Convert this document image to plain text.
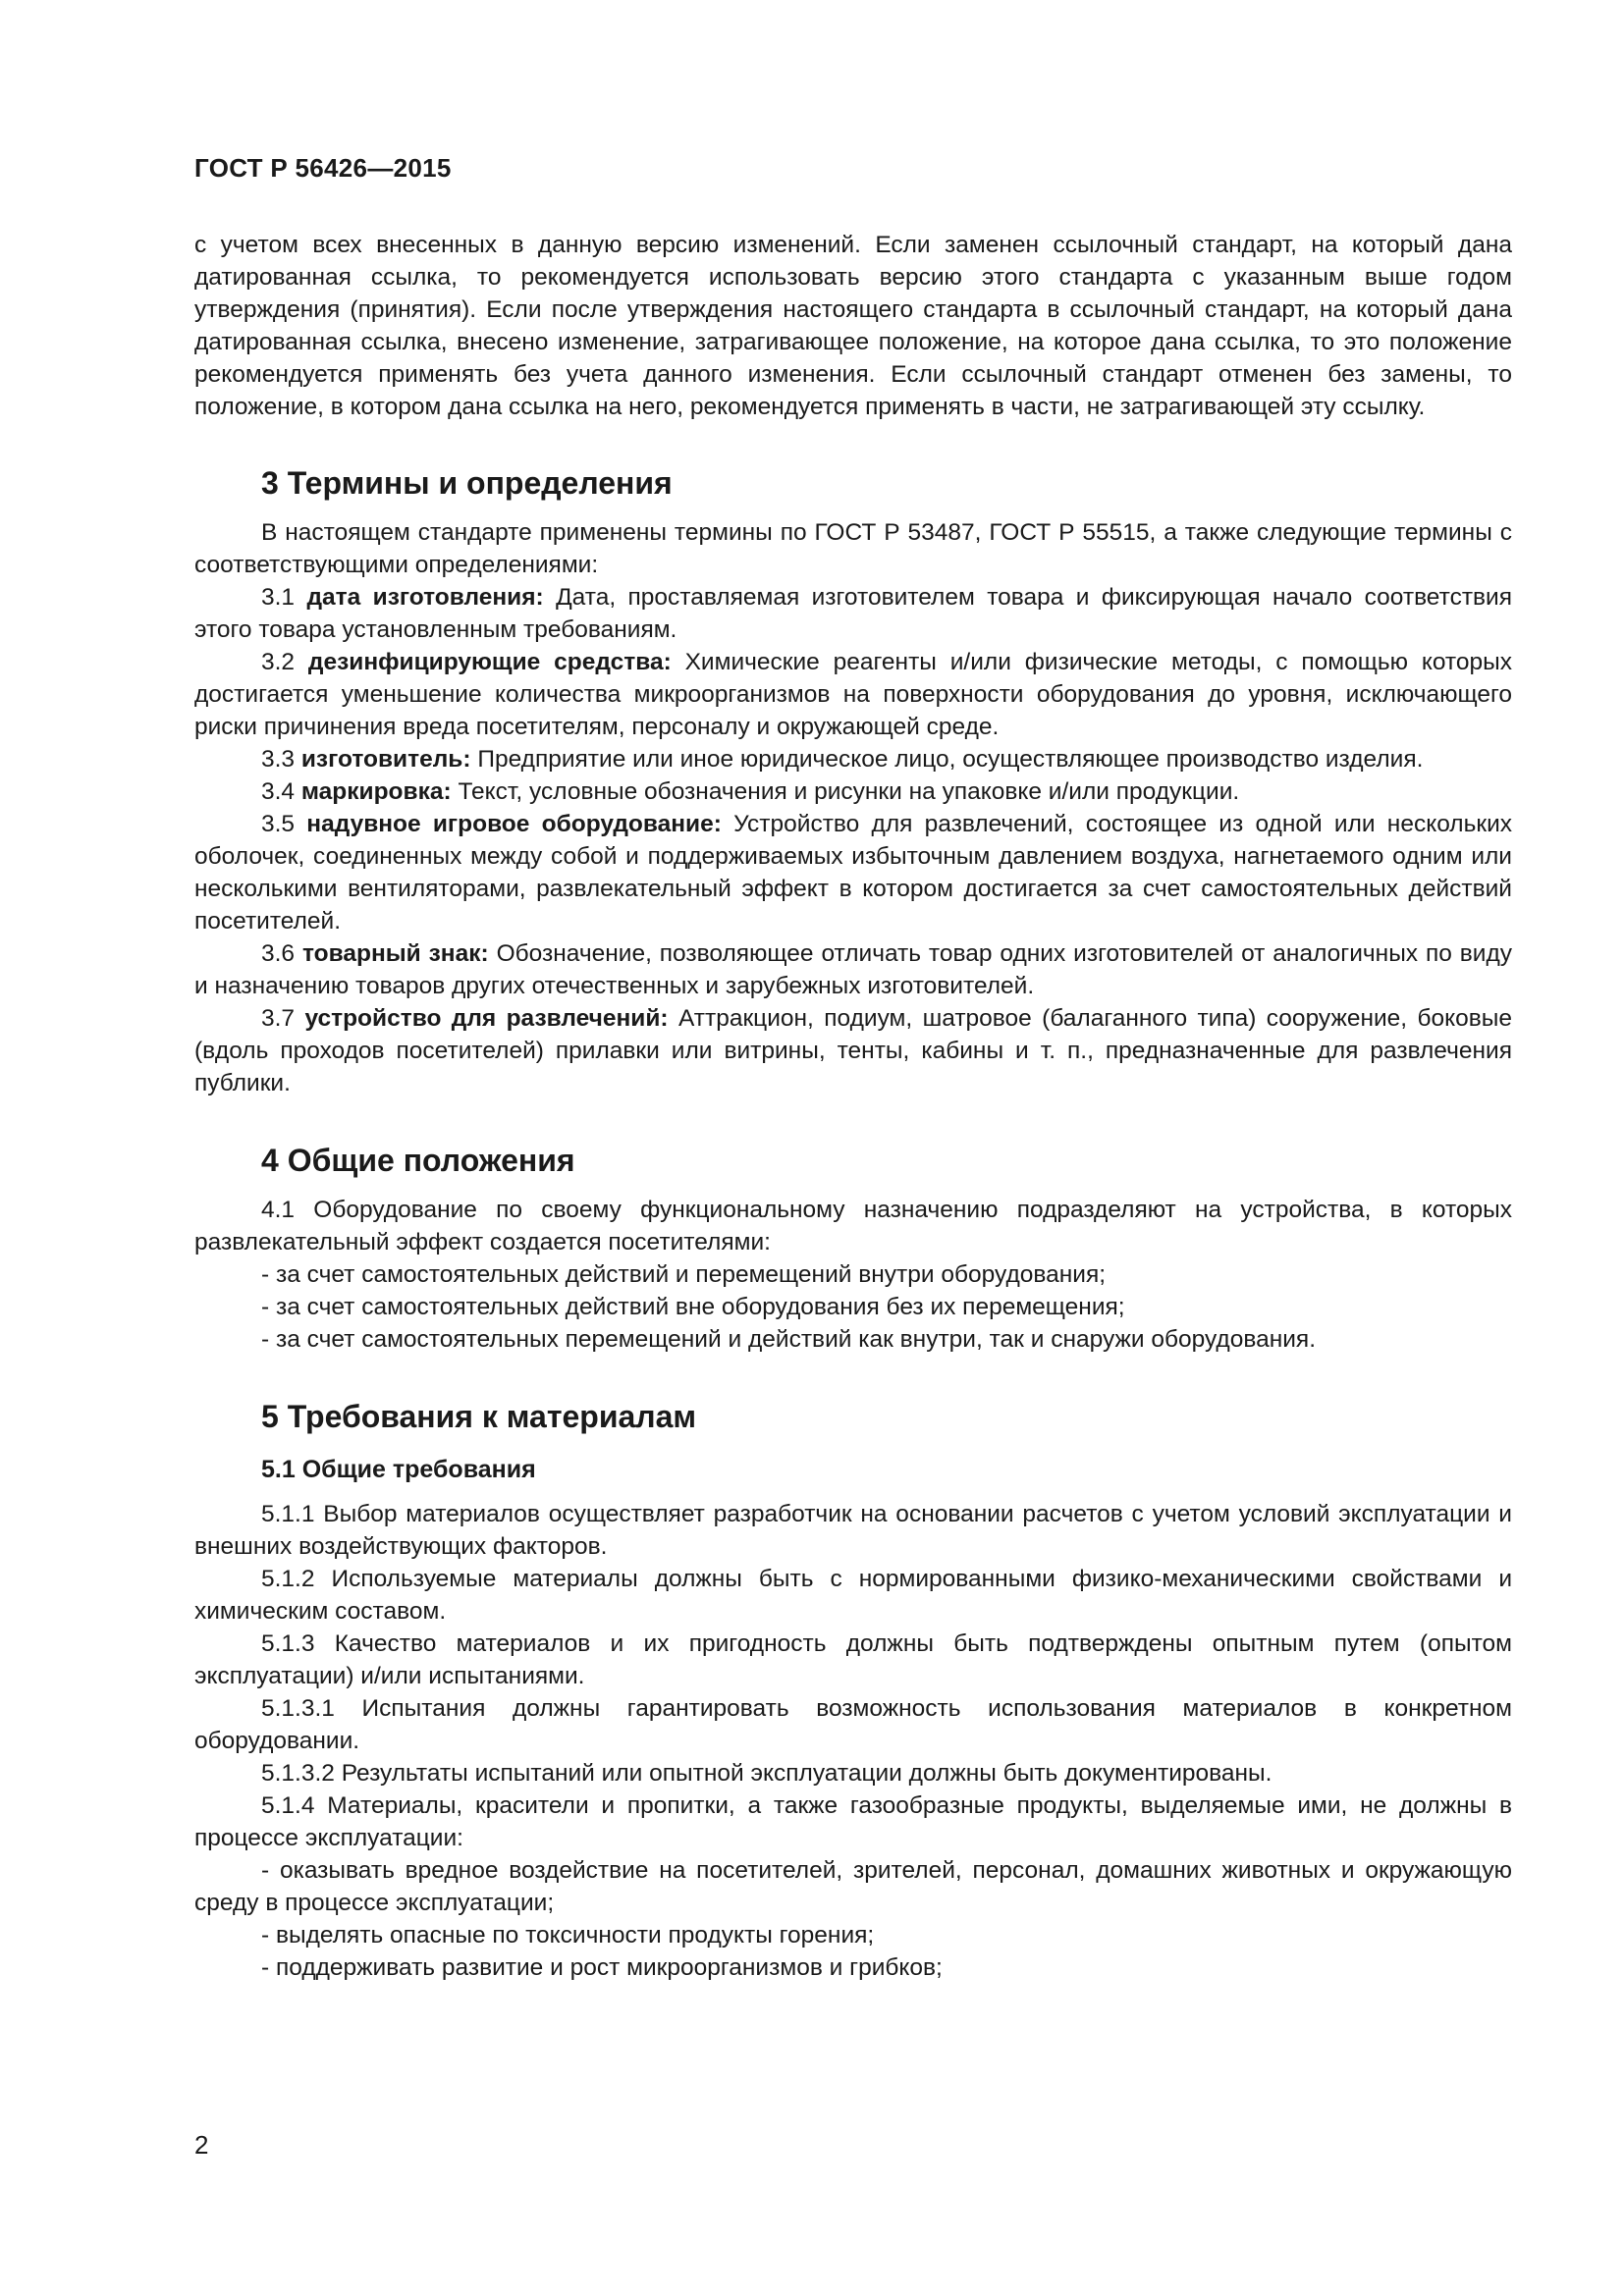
ГОСТ Р 56426—2015

с учетом всех внесенных в данную версию изменений. Если заменен ссылочный стандарт, на который дана датированная ссылка, то рекомендуется использовать версию этого стандарта с указанным выше годом утверждения (принятия). Если после утверждения настоящего стандарта в ссылочный стандарт, на который дана датированная ссылка, внесено изменение, затрагивающее положение, на которое дана ссылка, то это положение рекомендуется применять без учета данного изменения. Если ссылочный стандарт отменен без замены, то положение, в котором дана ссылка на него, рекомендуется применять в части, не затрагивающей эту ссылку.

3 Термины и определения

В настоящем стандарте применены термины по ГОСТ Р 53487, ГОСТ Р 55515, а также следующие термины с соответствующими определениями:

3.1 дата изготовления: Дата, проставляемая изготовителем товара и фиксирующая начало соответствия этого товара установленным требованиям.

3.2 дезинфицирующие средства: Химические реагенты и/или физические методы, с помощью которых достигается уменьшение количества микроорганизмов на поверхности оборудования до уровня, исключающего риски причинения вреда посетителям, персоналу и окружающей среде.

3.3 изготовитель: Предприятие или иное юридическое лицо, осуществляющее производство изделия.

3.4 маркировка: Текст, условные обозначения и рисунки на упаковке и/или продукции.

3.5 надувное игровое оборудование: Устройство для развлечений, состоящее из одной или нескольких оболочек, соединенных между собой и поддерживаемых избыточным давлением воздуха, нагнетаемого одним или несколькими вентиляторами, развлекательный эффект в котором достигается за счет самостоятельных действий посетителей.

3.6 товарный знак: Обозначение, позволяющее отличать товар одних изготовителей от аналогичных по виду и назначению товаров других отечественных и зарубежных изготовителей.

3.7 устройство для развлечений: Аттракцион, подиум, шатровое (балаганного типа) сооружение, боковые (вдоль проходов посетителей) прилавки или витрины, тенты, кабины и т. п., предназначенные для развлечения публики.

4 Общие положения

4.1 Оборудование по своему функциональному назначению подразделяют на устройства, в которых развлекательный эффект создается посетителями:

- за счет самостоятельных действий и перемещений внутри оборудования;

- за счет самостоятельных действий вне оборудования без их перемещения;

- за счет самостоятельных перемещений и действий как внутри, так и снаружи оборудования.

5 Требования к материалам
5.1 Общие требования

5.1.1 Выбор материалов осуществляет разработчик на основании расчетов с учетом условий эксплуатации и внешних воздействующих факторов.

5.1.2 Используемые материалы должны быть с нормированными физико-механическими свойствами и химическим составом.

5.1.3 Качество материалов и их пригодность должны быть подтверждены опытным путем (опытом эксплуатации) и/или испытаниями.

5.1.3.1 Испытания должны гарантировать возможность использования материалов в конкретном оборудовании.

5.1.3.2 Результаты испытаний или опытной эксплуатации должны быть документированы.

5.1.4 Материалы, красители и пропитки, а также газообразные продукты, выделяемые ими, не должны в процессе эксплуатации:

- оказывать вредное воздействие на посетителей, зрителей, персонал, домашних животных и окружающую среду в процессе эксплуатации;

- выделять опасные по токсичности продукты горения;

- поддерживать развитие и рост микроорганизмов и грибков;

2
